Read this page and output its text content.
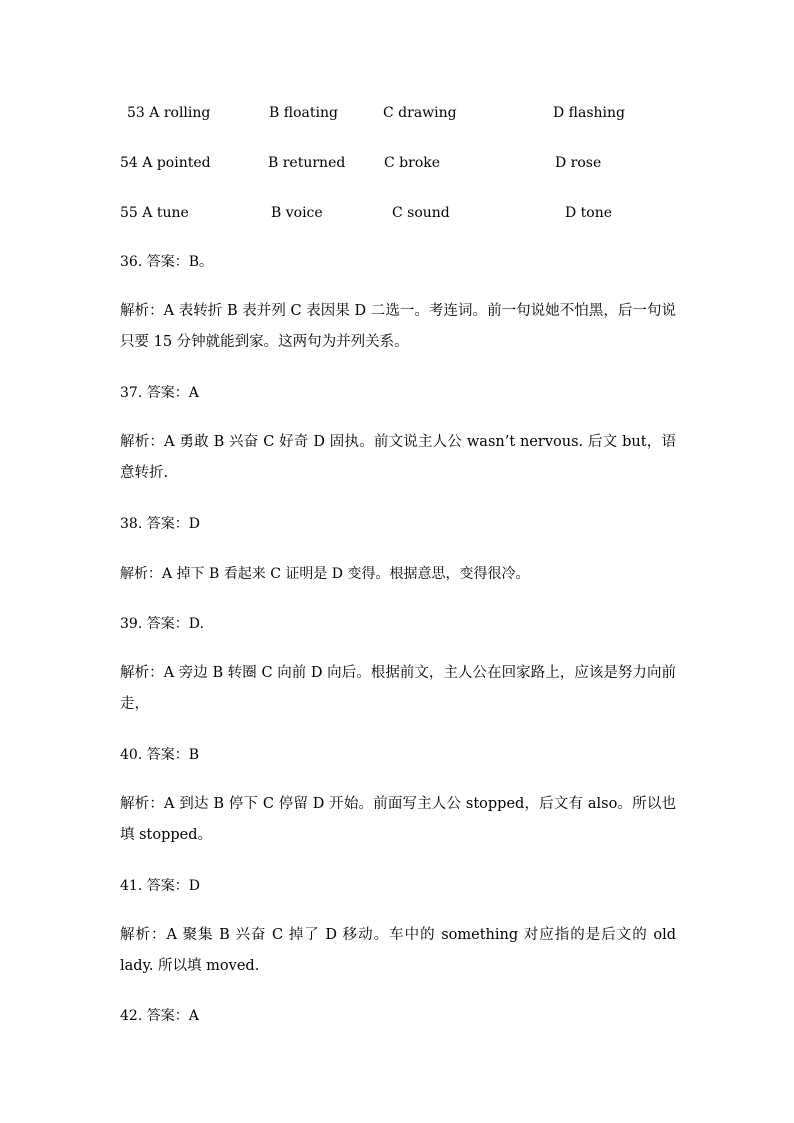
53 A rolling	B floating	C drawing	D flashing
54 A pointed	B returned	C broke	D rose
55 A tune	B voice	C sound	D tone
36. 答案：B。
解析：A 表转折 B 表并列 C 表因果 D 二选一。考连词。前一句说她不怕黑，后一句说只要 15 分钟就能到家。这两句为并列关系。
37. 答案：A
解析：A 勇敢 B 兴奋 C 好奇 D 固执。前文说主人公 wasn’t nervous. 后文 but，语意转折.
38. 答案：D
解析：A 掉下 B 看起来 C 证明是 D 变得。根据意思，变得很冷。
39. 答案：D.
解析：A 旁边 B 转圈 C 向前 D 向后。根据前文，主人公在回家路上，应该是努力向前走，
40. 答案：B
解析：A 到达 B 停下 C 停留 D 开始。前面写主人公 stopped，后文有 also。所以也填 stopped。
41. 答案：D
解析：A 聚集 B 兴奋 C 掉了 D 移动。车中的 something 对应指的是后文的 old lady. 所以填 moved.
42. 答案：A
